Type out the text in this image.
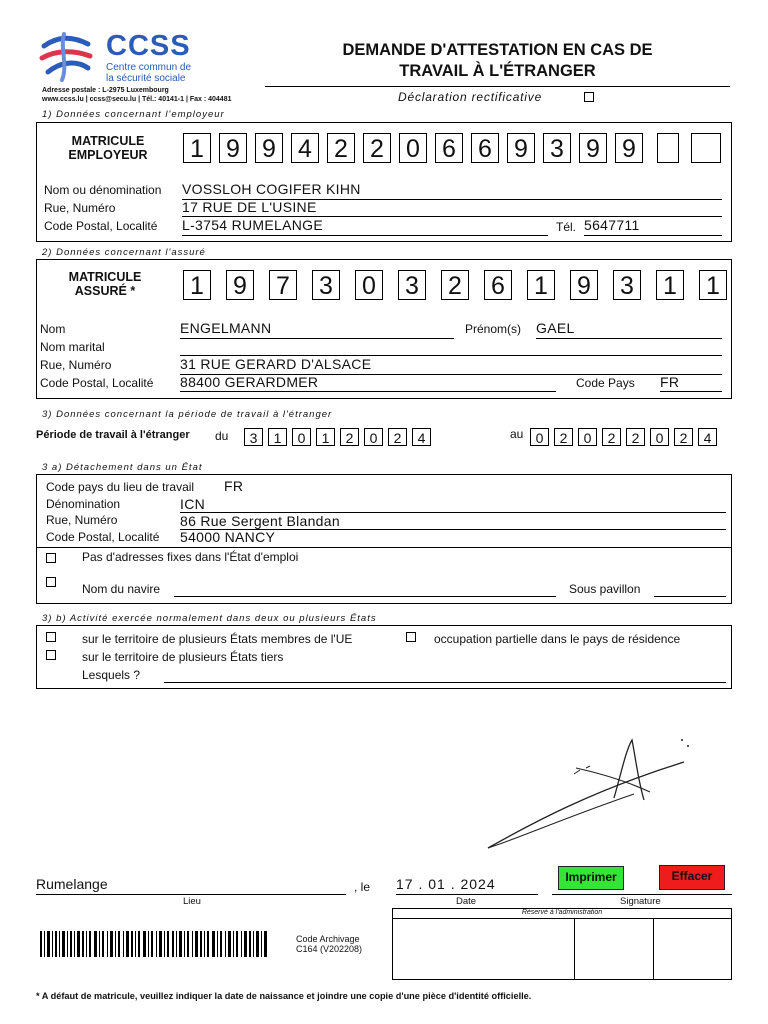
CCSS
Centre commun de
la sécurité sociale
Adresse postale : L-2975 Luxembourg
www.ccss.lu | ccss@secu.lu | Tél.: 40141-1 | Fax : 404481
DEMANDE D'ATTESTATION EN CAS DE
TRAVAIL À L'ÉTRANGER
Déclaration rectificative
1) Données concernant l'employeur
MATRICULE
EMPLOYEUR	1 9 9 4 2 2 0 6 6 9 3 9 9
Nom ou dénomination VOSSLOH COGIFER KIHN
Rue, Numéro	17 RUE DE L'USINE
Code Postal, Localité L-3754 RUMELANGE	Tél. 5647711
2) Données concernant l'assuré
MATRICULE
ASSURÉ *	1 9 7 3 0 3 2 6 1 9 3 1 1
Nom	ENGELMANN	Prénom(s) GAEL
Nom marital
Rue, Numéro	31 RUE GERARD D'ALSACE
Code Postal, Localité 88400 GERARDMER	Code Pays FR
3) Données concernant la période de travail à l'étranger
Période de travail à l'étranger du	3	1	0	1	2	0	2	4	au 0	2	0	2	2	0	2	4
3 a) Détachement dans un État
Code pays du lieu de travail FR
Dénomination	ICN
Rue, Numéro	86 Rue Sergent Blandan
Code Postal, Localité 54000 NANCY
Pas d'adresses fixes dans l'État d'emploi
Nom du navire	Sous pavillon
3) b) Activité exercée normalement dans deux ou plusieurs États
sur le territoire de plusieurs États membres de l'UE	occupation partielle dans le pays de résidence
sur le territoire de plusieurs États tiers
Lesquels ?
Rumelange	, le 17 . 01 . 2024	Imprimer	Effacer
Lieu	Date	Signature
Réservé à l'administration
Code Archivage
C164 (V202208)
* A défaut de matricule, veuillez indiquer la date de naissance et joindre une copie d'une pièce d'identité officielle.
